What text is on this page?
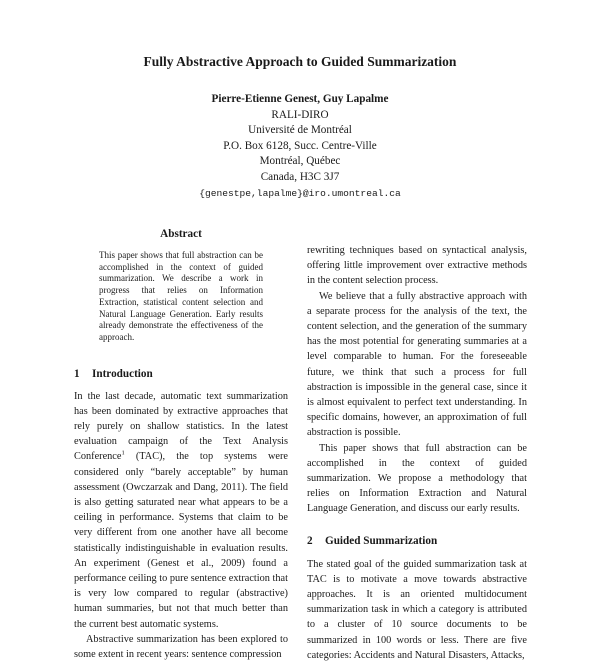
Fully Abstractive Approach to Guided Summarization
Pierre-Etienne Genest, Guy Lapalme
RALI-DIRO
Université de Montréal
P.O. Box 6128, Succ. Centre-Ville
Montréal, Québec
Canada, H3C 3J7
{genestpe,lapalme}@iro.umontreal.ca
Abstract

This paper shows that full abstraction can be accomplished in the context of guided summarization. We describe a work in progress that relies on Information Extraction, statistical content selection and Natural Language Generation. Early results already demonstrate the effectiveness of the approach.

1 Introduction

In the last decade, automatic text summarization has been dominated by extractive approaches that rely purely on shallow statistics. In the latest evaluation campaign of the Text Analysis Conference$^1$ (TAC), the top systems were considered only “barely acceptable” by human assessment (Owczarzak and Dang, 2011). The field is also getting saturated near what appears to be a ceiling in performance. Systems that claim to be very different from one another have all become statistically indistinguishable in evaluation results. An experiment (Genest et al., 2009) found a performance ceiling to pure sentence extraction that is very low compared to regular (abstractive) human summaries, but not that much better than the current best automatic systems.

Abstractive summarization has been explored to some extent in recent years: sentence compression

rewriting techniques based on syntactical analysis, offering little improvement over extractive methods in the content selection process.

We believe that a fully abstractive approach with a separate process for the analysis of the text, the content selection, and the generation of the summary has the most potential for generating summaries at a level comparable to human. For the foreseeable future, we think that such a process for full abstraction is impossible in the general case, since it is almost equivalent to perfect text understanding. In specific domains, however, an approximation of full abstraction is possible.

This paper shows that full abstraction can be accomplished in the context of guided summarization. We propose a methodology that relies on Information Extraction and Natural Language Generation, and discuss our early results.

2 Guided Summarization

The stated goal of the guided summarization task at TAC is to motivate a move towards abstractive approaches. It is an oriented multidocument summarization task in which a category is attributed to a cluster of 10 source documents to be summarized in 100 words or less. There are five categories: Accidents and Natural Disasters, Attacks,
